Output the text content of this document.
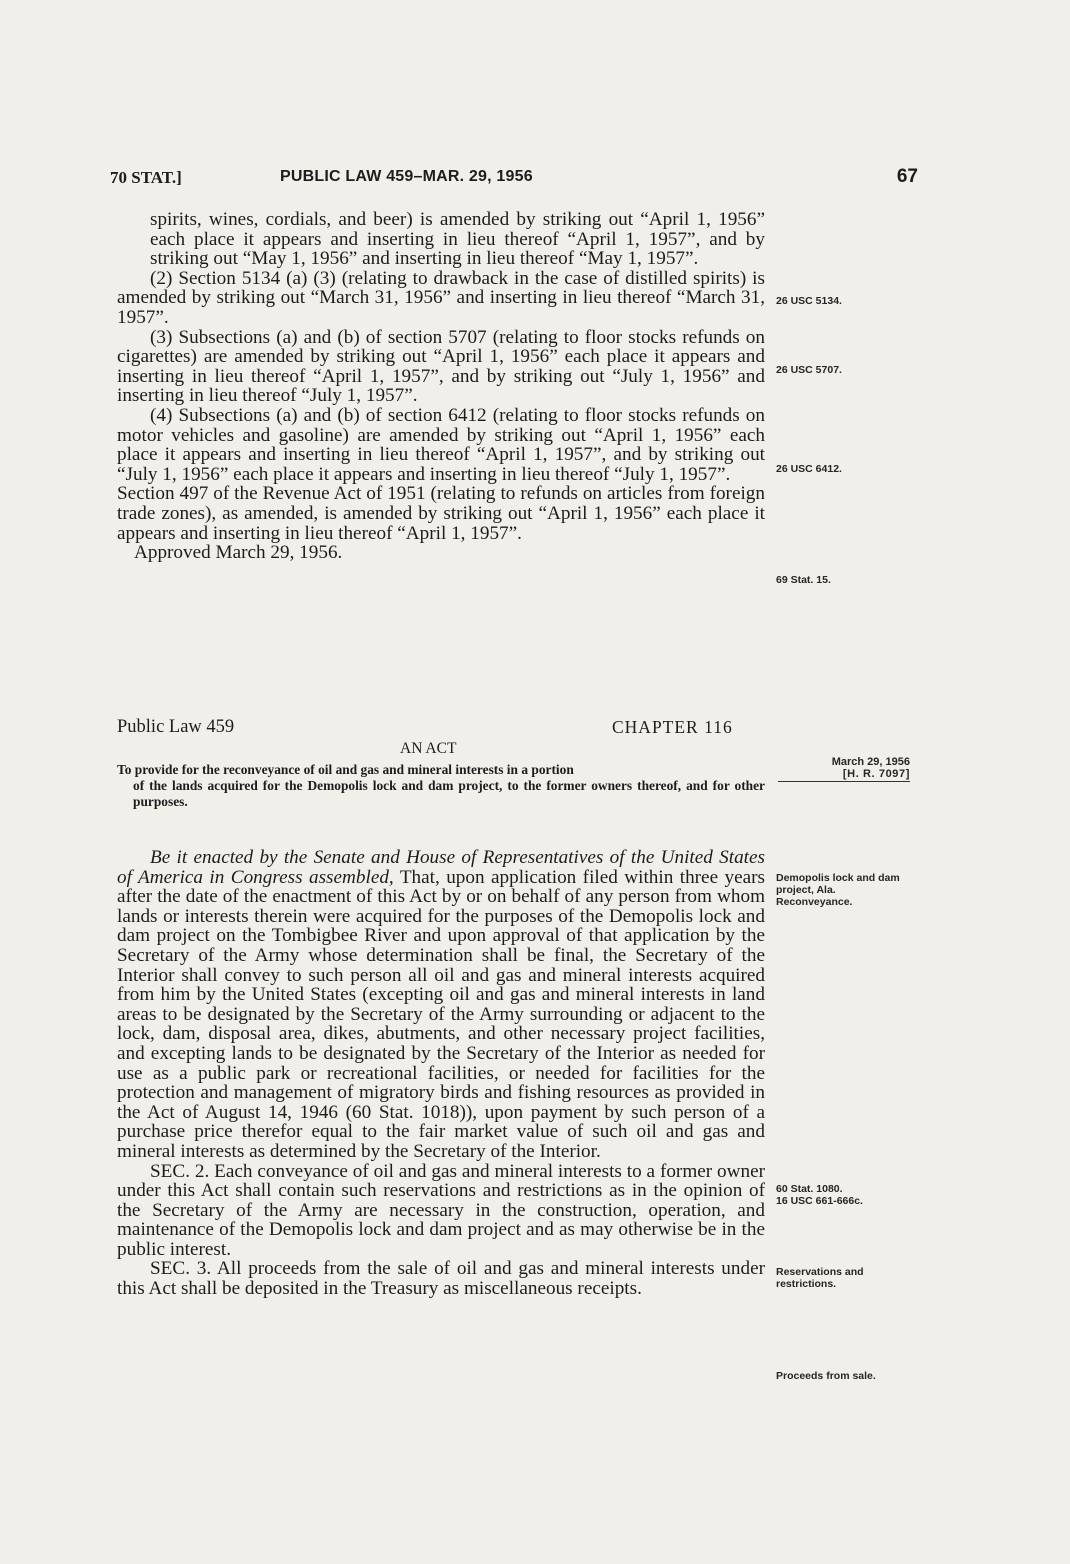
70 STAT.]	PUBLIC LAW 459–MAR. 29, 1956	67

spirits, wines, cordials, and beer) is amended by striking out “April 1, 1956” each place it appears and inserting in lieu thereof “April 1, 1957”, and by striking out “May 1, 1956” and inserting in lieu thereof “May 1, 1957”.

(2) Section 5134 (a) (3) (relating to drawback in the case of distilled spirits) is amended by striking out “March 31, 1956” and inserting in lieu thereof “March 31, 1957”.

(3) Subsections (a) and (b) of section 5707 (relating to floor stocks refunds on cigarettes) are amended by striking out “April 1, 1956” each place it appears and inserting in lieu thereof “April 1, 1957”, and by striking out “July 1, 1956” and inserting in lieu thereof “July 1, 1957”.

(4) Subsections (a) and (b) of section 6412 (relating to floor stocks refunds on motor vehicles and gasoline) are amended by striking out “April 1, 1956” each place it appears and inserting in lieu thereof “April 1, 1957”, and by striking out “July 1, 1956” each place it appears and inserting in lieu thereof “July 1, 1957”.

Section 497 of the Revenue Act of 1951 (relating to refunds on articles from foreign trade zones), as amended, is amended by striking out “April 1, 1956” each place it appears and inserting in lieu thereof “April 1, 1957”.

Approved March 29, 1956.

26 USC 5134.
26 USC 5707.
26 USC 6412.
69 Stat. 15.
Public Law 459	CHAPTER 116
AN ACT
To provide for the reconveyance of oil and gas and mineral interests in a portion
of the lands acquired for the Demopolis lock and dam project, to the former owners thereof, and for other purposes.
March 29, 1956
[H. R. 7097]

Be it enacted by the Senate and House of Representatives of the United States of America in Congress assembled, That, upon application filed within three years after the date of the enactment of this Act by or on behalf of any person from whom lands or interests therein were acquired for the purposes of the Demopolis lock and dam project on the Tombigbee River and upon approval of that application by the Secretary of the Army whose determination shall be final, the Secretary of the Interior shall convey to such person all oil and gas and mineral interests acquired from him by the United States (excepting oil and gas and mineral interests in land areas to be designated by the Secretary of the Army surrounding or adjacent to the lock, dam, disposal area, dikes, abutments, and other necessary project facilities, and excepting lands to be designated by the Secretary of the Interior as needed for use as a public park or recreational facilities, or needed for facilities for the protection and management of migratory birds and fishing resources as provided in the Act of August 14, 1946 (60 Stat. 1018)), upon payment by such person of a purchase price therefor equal to the fair market value of such oil and gas and mineral interests as determined by the Secretary of the Interior.

SEC. 2. Each conveyance of oil and gas and mineral interests to a former owner under this Act shall contain such reservations and restrictions as in the opinion of the Secretary of the Army are necessary in the construction, operation, and maintenance of the Demopolis lock and dam project and as may otherwise be in the public interest.

SEC. 3. All proceeds from the sale of oil and gas and mineral interests under this Act shall be deposited in the Treasury as miscellaneous receipts.

Demopolis lock and dam project, Ala.
Reconveyance.
60 Stat. 1080.
16 USC 661-666c.
Reservations and restrictions.
Proceeds from sale.
